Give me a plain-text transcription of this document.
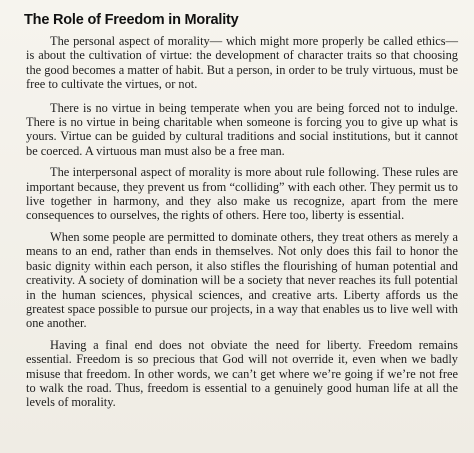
The Role of Freedom in Morality

The personal aspect of morality— which might more properly be called ethics— is about the cultivation of virtue: the development of character traits so that choosing the good becomes a matter of habit. But a person, in order to be truly virtuous, must be free to cultivate the virtues, or not.

There is no virtue in being temperate when you are being forced not to indulge. There is no virtue in being charitable when someone is forcing you to give up what is yours. Virtue can be guided by cultural traditions and social institutions, but it cannot be coerced. A virtuous man must also be a free man.

The interpersonal aspect of morality is more about rule following. These rules are important because, they prevent us from “colliding” with each other. They permit us to live together in harmony, and they also make us recognize, apart from the mere consequences to ourselves, the rights of others. Here too, liberty is essential.

When some people are permitted to dominate others, they treat others as merely a means to an end, rather than ends in themselves. Not only does this fail to honor the basic dignity within each person, it also stifles the flourishing of human potential and creativity. A society of domination will be a society that never reaches its full potential in the human sciences, physical sciences, and creative arts. Liberty affords us the greatest space possible to pursue our projects, in a way that enables us to live well with one another.

Having a final end does not obviate the need for liberty. Freedom remains essential. Freedom is so precious that God will not override it, even when we badly misuse that freedom. In other words, we can’t get where we’re going if we’re not free to walk the road. Thus, freedom is essential to a genuinely good human life at all the levels of morality.
